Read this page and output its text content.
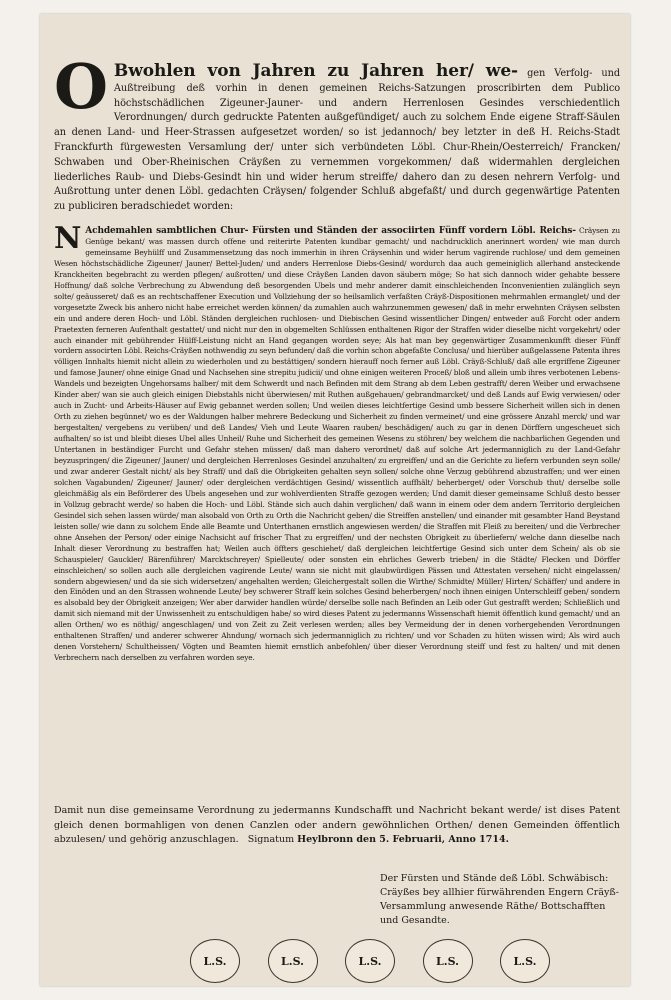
O Bwohlen von Jahren zu Jahren her/ we- gen Verfolg- und Außtreibung deß vorhin in denen gemeinen Reichs-Satzungen proscribirten dem Publico höchstschädlichen Zigeuner-Jauner- und andern Herrenlosen Gesindes verschiedentlich Verordnungen/ durch gedruckte Patenten außgefündiget/ auch zu solchem Ende eigene Straff-Säulen an denen Land- und Heer-Strassen aufgesetzet worden/ so ist jedannoch/ bey letzter in deß H. Reichs-Stadt Franckfurth fürgewesten Versamlung der/ unter sich verbündeten Löbl. Chur-Rhein/Oesterreich/ Francken/ Schwaben und Ober-Rheinischen Cräyßen zu vernemmen vorgekommen/ daß widermahlen dergleichen liederliches Raub- und Diebs-Gesindt hin und wider herum streiffe/ dahero dan zu desen nehrern Verfolg- und Außrottung unter denen Löbl. gedachten Cräysen/ folgender Schluß abgefaßt/ und durch gegenwärtige Patenten zu publiciren beradschiedet worden:
N Achdemahlen sambtlichen Chur- Fürsten und Ständen der associirten Fünff vordern Löbl. Reichs- Cräysen zu Genüge bekant/ was massen durch offene und reiterirte Patenten kundbar gemacht/ und nachdrucklich anerinnert worden/ wie man durch gemeinsame Beyhülff und Zusammensetzung das noch immerhin in ihren Cräysenhin und wider herum vagirende ruchlose/ und dem gemeinen Wesen höchstschädliche Zigeuner/ Jauner/ Bettel-Juden/ und anders Herrenlose Diebs-Gesind/ wordurch daa auch gemeiniglich allerhand ansteckende Kranckheiten begebracht zu werden pflegen/ außrotten/ und diese Cräyßen Landen davon säubern möge; So hat sich dannoch wider gehabte bessere Hoffnung/ daß solche Verbrechung zu Abwendung deß besorgenden Ubels und mehr anderer damit einschleichenden Inconvenientien zulänglich seyn solte/ geäusseret/ daß es an rechtschaffener Execution und Vollziehung der so heilsamlich verfaßten Cräyß-Dispositionen mehrmahlen ermanglet/ und der vorgesetzte Zweck bis anhero nicht habe erreichet werden können/ da zumahlen auch wahrzunemmen gewesen/ daß in mehr erwehnten Cräysen selbsten ein und andere deren Hoch- und Löbl. Ständen dergleichen ruchlosen- und Diebischen Gesind wissentlicher Dingen/ entweder auß Forcht oder andern Praetexten ferneren Aufenthalt gestattet/ und nicht nur den in obgemelten Schlüssen enthaltenen Rigor der Straffen wider dieselbe nicht vorgekehrt/ oder auch einander mit gebührender Hülff-Leistung nicht an Hand gegangen worden seye; Als hat man bey gegenwärtiger Zusammenkunfft dieser Fünff vordern associrten Löbl. Reichs-Cräyßen nothwendig zu seyn befunden/ daß die vorhin schon abgefaßte Conclusa/ und hierüber außgelassene Patenta ihres völligen Innhalts hiemit nicht allein zu wiederholen und zu bestättigen/ sondern hierauff noch ferner auß Löbl. Cräyß-Schluß/ daß alle ergriffene Zigeuner und famose Jauner/ ohne einige Gnad und Nachsehen sine strepitu judicii/ und ohne einigen weiteren Proceß/ bloß und allein umb ihres verbotenen Lebens-Wandels und bezeigten Ungehorsams halber/ mit dem Schwerdt und nach Befinden mit dem Strang ab dem Leben gestrafft/ deren Weiber und erwachsene Kinder aber/ wan sie auch gleich einigen Diebstahls nicht überwiesen/ mit Ruthen außgehauen/ gebrandmarcket/ und deß Lands auf Ewig verwiesen/ oder auch in Zucht- und Arbeits-Häuser auf Ewig gebannet werden sollen; Und weilen dieses leichtfertige Gesind umb bessere Sicherheit willen sich in denen Orth zu ziehen begünnet/ wo es der Waldungen halber mehrere Bedeckung und Sicherheit zu finden vermeinet/ und eine grössere Anzahl merck/ und war bergestalten/ vergebens zu verüben/ und deß Landes/ Vieh und Leute Waaren rauben/ beschädigen/ auch zu gar in denen Dörffern ungescheuet sich aufhalten/ so ist und bleibt dieses Ubel alles Unheil/ Ruhe und Sicherheit des gemeinen Wesens zu stöhren/ bey welchem die nachbarlichen Gegenden und Untertanen in beständiger Furcht und Gefahr stehen müssen/ daß man dahero verordnet/ daß auf solche Art jedermanniglich zu der Land-Gefahr beyzuspringen/ die Zigeuner/ Jauner/ und dergleichen Herrenloses Gesindel anzuhalten/ zu ergreiffen/ und an die Gerichte zu liefern verbunden seyn solle/ und zwar anderer Gestalt nicht/ als bey Straff/ und daß die Obrigkeiten gehalten seyn sollen/ solche ohne Verzug gebührend abzustraffen; und wer einen solchen Vagabunden/ Zigeuner/ Jauner/ oder dergleichen verdächtigen Gesind/ wissentlich auffhält/ beherberget/ oder Vorschub thut/ derselbe solle gleichmäßig als ein Beförderer des Ubels angesehen und zur wohlverdienten Straffe gezogen werden; Und damit dieser gemeinsame Schluß desto besser in Vollzug gebracht werde/ so haben die Hoch- und Löbl. Stände sich auch dahin verglichen/ daß wann in einem oder dem andern Territorio dergleichen Gesindel sich sehen lassen würde/ man alsobald von Orth zu Orth die Nachricht geben/ die Streiffen anstellen/ und einander mit gesambter Hand Beystand leisten solle/ wie dann zu solchem Ende alle Beamte und Unterthanen ernstlich angewiesen werden/ die Straffen mit Fleiß zu bereiten/ und die Verbrecher ohne Ansehen der Person/ oder einige Nachsicht auf frischer That zu ergreiffen/ und der nechsten Obrigkeit zu überliefern/ welche dann dieselbe nach Inhalt dieser Verordnung zu bestraffen hat; Weilen auch öffters geschiehet/ daß dergleichen leichtfertige Gesind sich unter dem Schein/ als ob sie Schauspieler/ Gauckler/ Bärenführer/ Marcktschreyer/ Spielleute/ oder sonsten ein ehrliches Gewerb trieben/ in die Städte/ Flecken und Dörffer einschleichen/ so sollen auch alle dergleichen vagirende Leute/ wann sie nicht mit glaubwürdigen Pässen und Attestaten versehen/ nicht eingelassen/ sondern abgewiesen/ und da sie sich widersetzen/ angehalten werden; Gleichergestalt sollen die Wirthe/ Schmidte/ Müller/ Hirten/ Schäffer/ und andere in den Einöden und an den Strassen wohnende Leute/ bey schwerer Straff kein solches Gesind beherbergen/ noch ihnen einigen Unterschleiff geben/ sondern es alsobald bey der Obrigkeit anzeigen; Wer aber darwider handlen würde/ derselbe solle nach Befinden an Leib oder Gut gestrafft werden; Schließlich und damit sich niemand mit der Unwissenheit zu entschuldigen habe/ so wird dieses Patent zu jedermanns Wissenschaft hiemit öffentlich kund gemacht/ und an allen Orthen/ wo es nöthig/ angeschlagen/ und von Zeit zu Zeit verlesen werden; alles bey Vermeidung der in denen vorhergehenden Verordnungen enthaltenen Straffen/ und anderer schwerer Ahndung/ wornach sich jedermanniglich zu richten/ und vor Schaden zu hüten wissen wird; Als wird auch denen Vorstehern/ Schultheissen/ Vögten und Beamten hiemit ernstlich anbefohlen/ über dieser Verordnung steiff und fest zu halten/ und mit denen Verbrechern nach derselben zu verfahren worden seye.
Damit nun dise gemeinsame Verordnung zu jedermanns Kundschafft und Nachricht bekant werde/ ist dises Patent gleich denen bormahligen von denen Canzlen oder andern gewöhnlichen Orthen/ denen Gemeinden öffentlich abzulesen/ und gehörig anzuschlagen. Signatum Heylbronn den 5. Februarii, Anno 1714.
Der Fürsten und Stände deß Löbl. Schwäbisch: Cräyßes bey allhier fürwährenden Engern Cräyß-Versammlung anwesende Räthe/ Bottschafften und Gesandte.
L.S.	L.S.	L.S.	L.S.	L.S.
